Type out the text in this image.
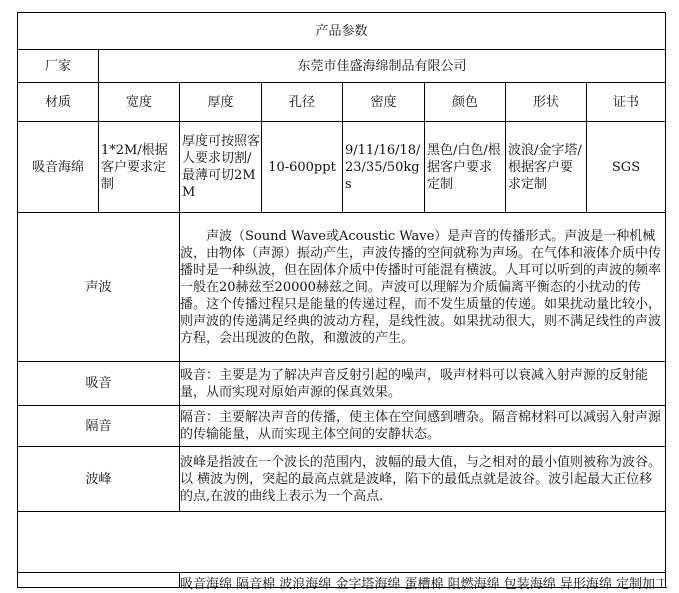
产品参数							
厂家	东莞市佳盛海绵制品有限公司						
材质	宽度	厚度	孔径	密度	颜色	形状	证书
吸音海绵	1*2M/根据客户要求定制	厚度可按照客人要求切割/最薄可切2MM	10-600ppt	9/11/16/18/23/35/50kgs	黑色/白色/根据客户要求定制	波浪/金字塔/根据客户要求定制	SGS
声波		声波（Sound Wave或Acoustic Wave）是声音的传播形式。声波是一种机械波，由物体（声源）振动产生，声波传播的空间就称为声场。在气体和液体介质中传播时是一种纵波，但在固体介质中传播时可能混有横波。人耳可以听到的声波的频率一般在20赫兹至20000赫兹之间。声波可以理解为介质偏离平衡态的小扰动的传播。这个传播过程只是能量的传递过程，而不发生质量的传递。如果扰动量比较小，则声波的传递满足经典的波动方程，是线性波。如果扰动很大，则不满足线性的声波方程，会出现波的色散，和激波的产生。					
吸音		吸音：主要是为了解决声音反射引起的噪声，吸声材料可以衰减入射声源的反射能量，从而实现对原始声源的保真效果。					
隔音		隔音：主要解决声音的传播，使主体在空间感到嘈杂。隔音棉材料可以减弱入射声源的传输能量，从而实现主体空间的安静状态。					
波峰		波峰是指波在一个波长的范围内，波幅的最大值，与之相对的最小值则被称为波谷。以 横波为例，突起的最高点就是波峰，陷下的最低点就是波谷。波引起最大正位移的点,在波的曲线上表示为一个高点.					

		吸音海绵 隔音棉 波浪海绵 金字塔海绵 蛋槽棉 阻燃海绵 包装海绵 异形海绵 定制加工					
